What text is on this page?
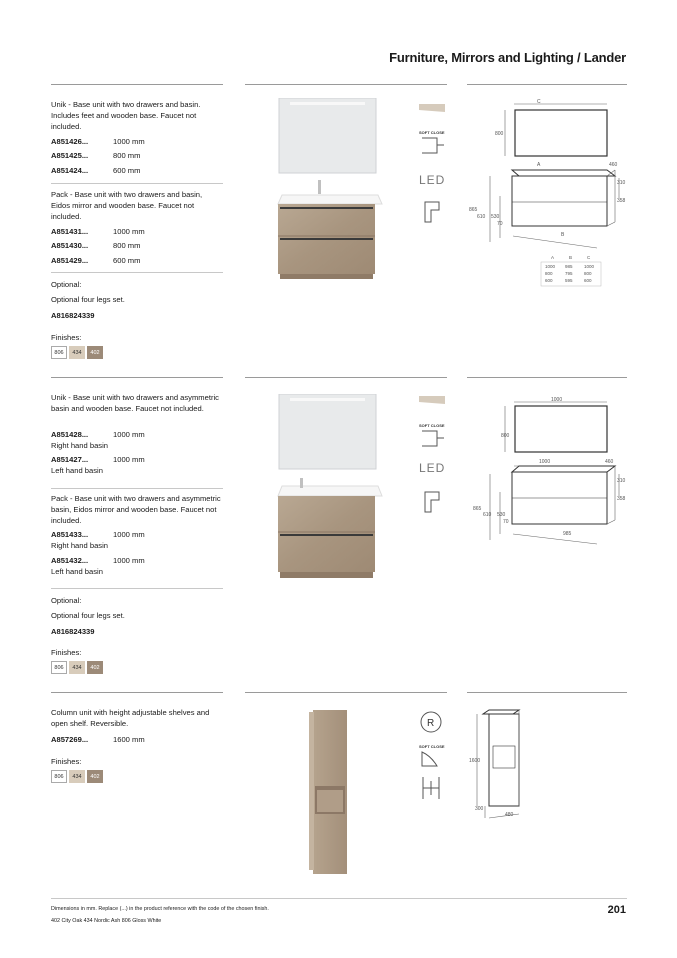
Furniture, Mirrors and Lighting / Lander
Unik - Base unit with two drawers and basin. Includes feet and wooden base. Faucet not included.
A851426...	1000 mm
A851425...	800 mm
A851424...	600 mm
Pack - Base unit with two drawers and basin, Eidos mirror and wooden base. Faucet not included.
A851431...	1000 mm
A851430...	800 mm
A851429...	600 mm
Optional:
Optional four legs set.
A816824339
Finishes:
806	434	402
SOFT CLOSE
LED
C
800
A	460
310
358
865
610 530
70
B
A	B	C
1000 985	1000
800	795	800
600	595	600
Unik - Base unit with two drawers and asymmetric basin and wooden base. Faucet not included.
A851428...	1000 mm
Right hand basin
A851427...	1000 mm
Left hand basin
Pack - Base unit with two drawers and asymmetric basin, Eidos mirror and wooden base. Faucet not included.
A851433...	1000 mm
Right hand basin
A851432...	1000 mm
Left hand basin
Optional:
Optional four legs set.
A816824339
Finishes:
806	434	402
SOFT CLOSE
LED
1000
800
1000	460
310
358
865
610 530
70
985
Column unit with height adjustable shelves and open shelf. Reversible.
A857269...	1600 mm
Finishes:
806	434	402
R
SOFT CLOSE
1600
300
480
Dimensions in mm. Replace (...) in the product reference with the code of the chosen finish.
402 City Oak 434 Nordic Ash 806 Gloss White
201
